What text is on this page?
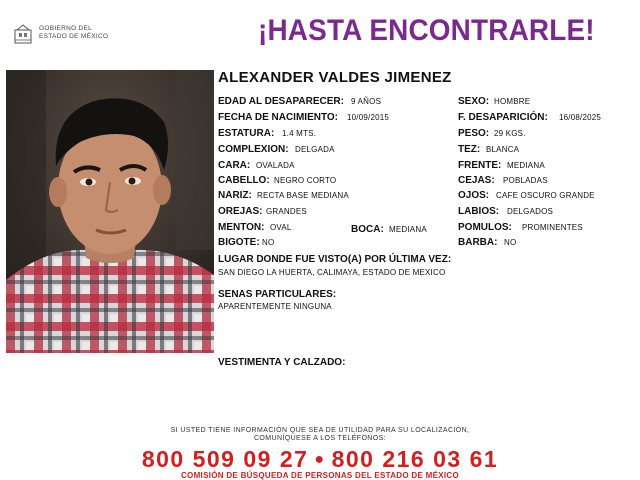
GOBIERNO DEL
ESTADO DE MÉXICO	¡HASTA ENCONTRARLE!
ALEXANDER VALDES JIMENEZ
EDAD AL DESAPARECER: 9 AÑOS
FECHA DE NACIMIENTO: 10/09/2015
ESTATURA: 1.4 MTS.
COMPLEXION: DELGADA
CARA: OVALADA
CABELLO: NEGRO CORTO
NARIZ: RECTA BASE MEDIANA
OREJAS: GRANDES
MENTON: OVAL	BOCA: MEDIANA
BIGOTE: NO
SEXO: HOMBRE
F. DESAPARICIÓN: 16/08/2025
PESO: 29 KGS.
TEZ: BLANCA
FRENTE: MEDIANA
CEJAS: POBLADAS
OJOS: CAFE OSCURO GRANDE
LABIOS: DELGADOS
POMULOS: PROMINENTES
BARBA: NO
LUGAR DONDE FUE VISTO(A) POR ÚLTIMA VEZ:
SAN DIEGO LA HUERTA, CALIMAYA, ESTADO DE MEXICO
SENAS PARTICULARES:
APARENTEMENTE NINGUNA
VESTIMENTA Y CALZADO:
SI USTED TIENE INFORMACIÓN QUE SEA DE UTILIDAD PARA SU LOCALIZACIÓN,
COMUNÍQUESE A LOS TELÉFONOS:
800 509 09 27 ● 800 216 03 61
COMISIÓN DE BÚSQUEDA DE PERSONAS DEL ESTADO DE MÉXICO
